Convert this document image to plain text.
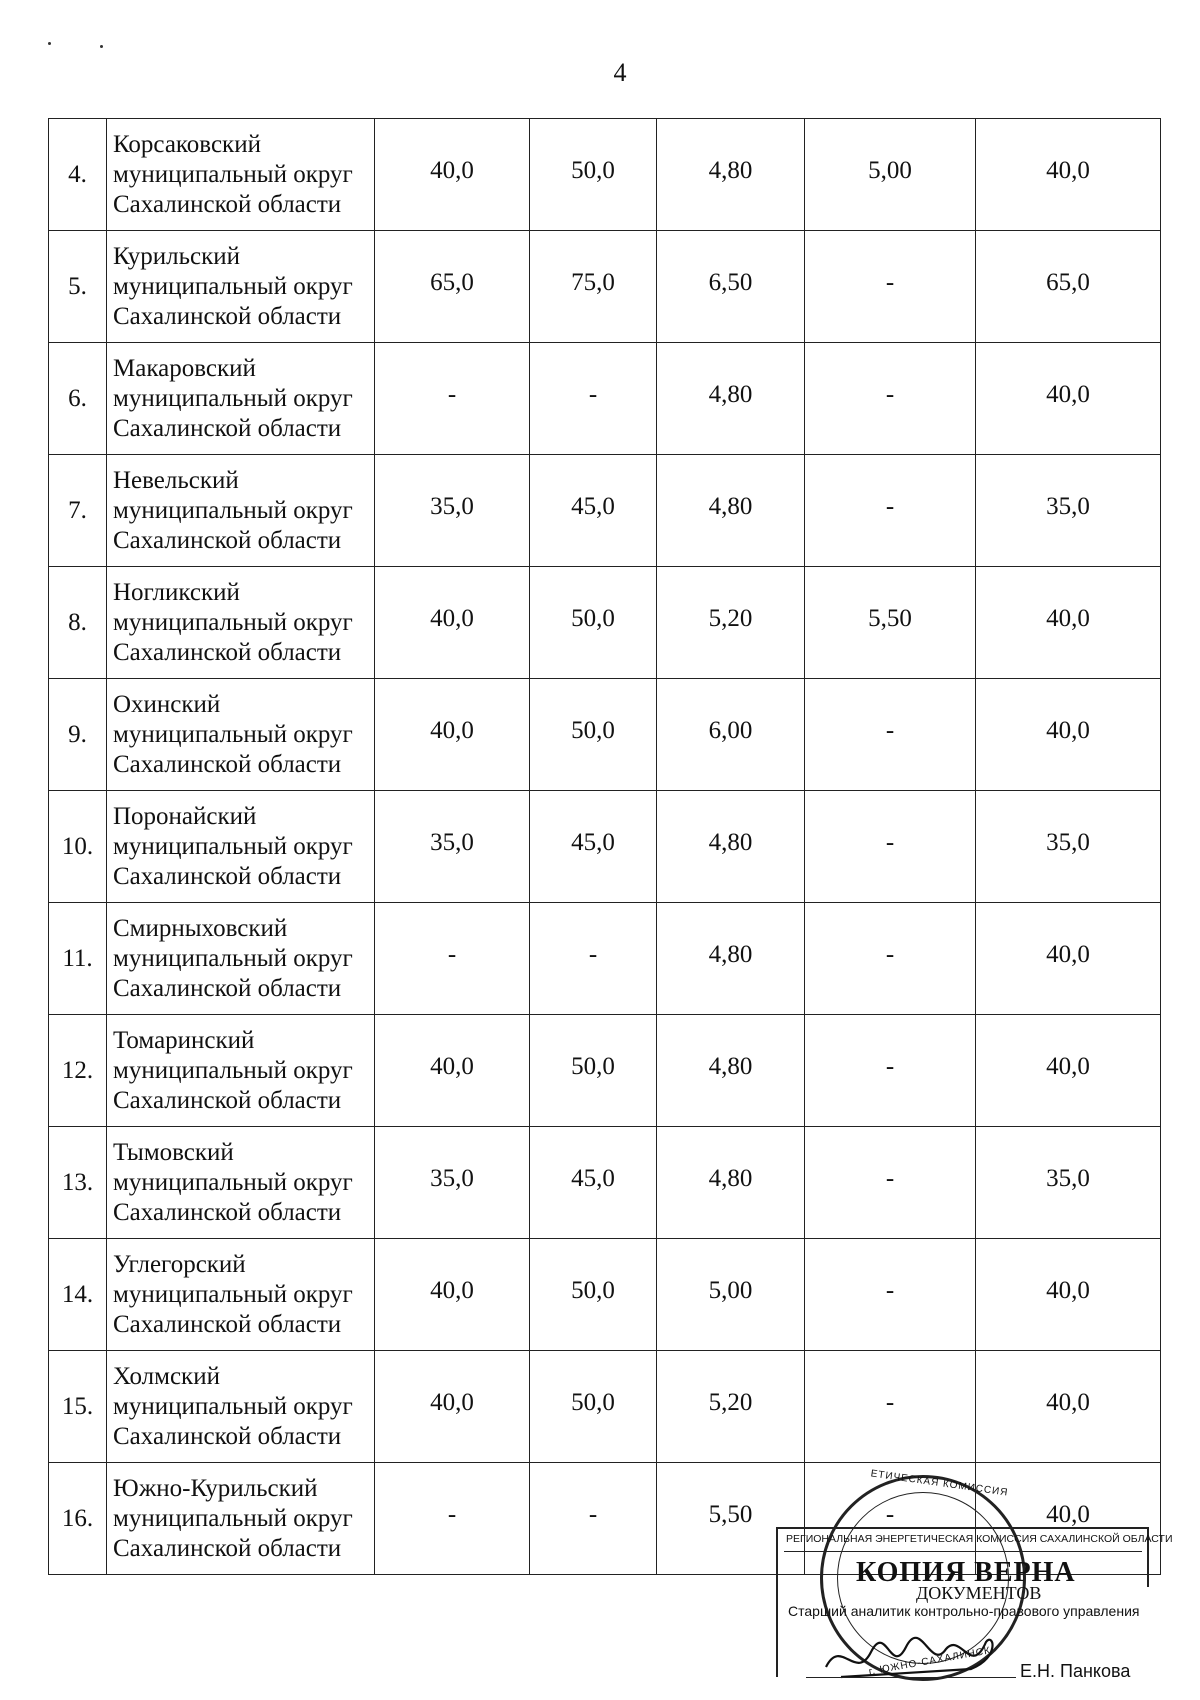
4
4.	Корсаковский
муниципальный округ
Сахалинской области	40,0	50,0	4,80	5,00	40,0
5.	Курильский
муниципальный округ
Сахалинской области	65,0	75,0	6,50	-	65,0
6.	Макаровский
муниципальный округ
Сахалинской области	-	-	4,80	-	40,0
7.	Невельский
муниципальный округ
Сахалинской области	35,0	45,0	4,80	-	35,0
8.	Ногликский
муниципальный округ
Сахалинской области	40,0	50,0	5,20	5,50	40,0
9.	Охинский
муниципальный округ
Сахалинской области	40,0	50,0	6,00	-	40,0
10.	Поронайский
муниципальный округ
Сахалинской области	35,0	45,0	4,80	-	35,0
11.	Смирныховский
муниципальный округ
Сахалинской области	-	-	4,80	-	40,0
12.	Томаринский
муниципальный округ
Сахалинской области	40,0	50,0	4,80	-	40,0
13.	Тымовский
муниципальный округ
Сахалинской области	35,0	45,0	4,80	-	35,0
14.	Углегорский
муниципальный округ
Сахалинской области	40,0	50,0	5,00	-	40,0
15.	Холмский
муниципальный округ
Сахалинской области	40,0	50,0	5,20	-	40,0
16.	Южно-Курильский
муниципальный округ
Сахалинской области	-	-	5,50	-	40,0
ЕТИЧЕСКАЯ КОМИССИЯ
г. ЮЖНО-САХАЛИНСК
РЕГИОНАЛЬНАЯ ЭНЕРГЕТИЧЕСКАЯ КОМИССИЯ САХАЛИНСКОЙ ОБЛАСТИ
КОПИЯ ВЕРНА
ДОКУМЕНТОВ
Старший аналитик контрольно-правового управления
Е.Н. Панкова
